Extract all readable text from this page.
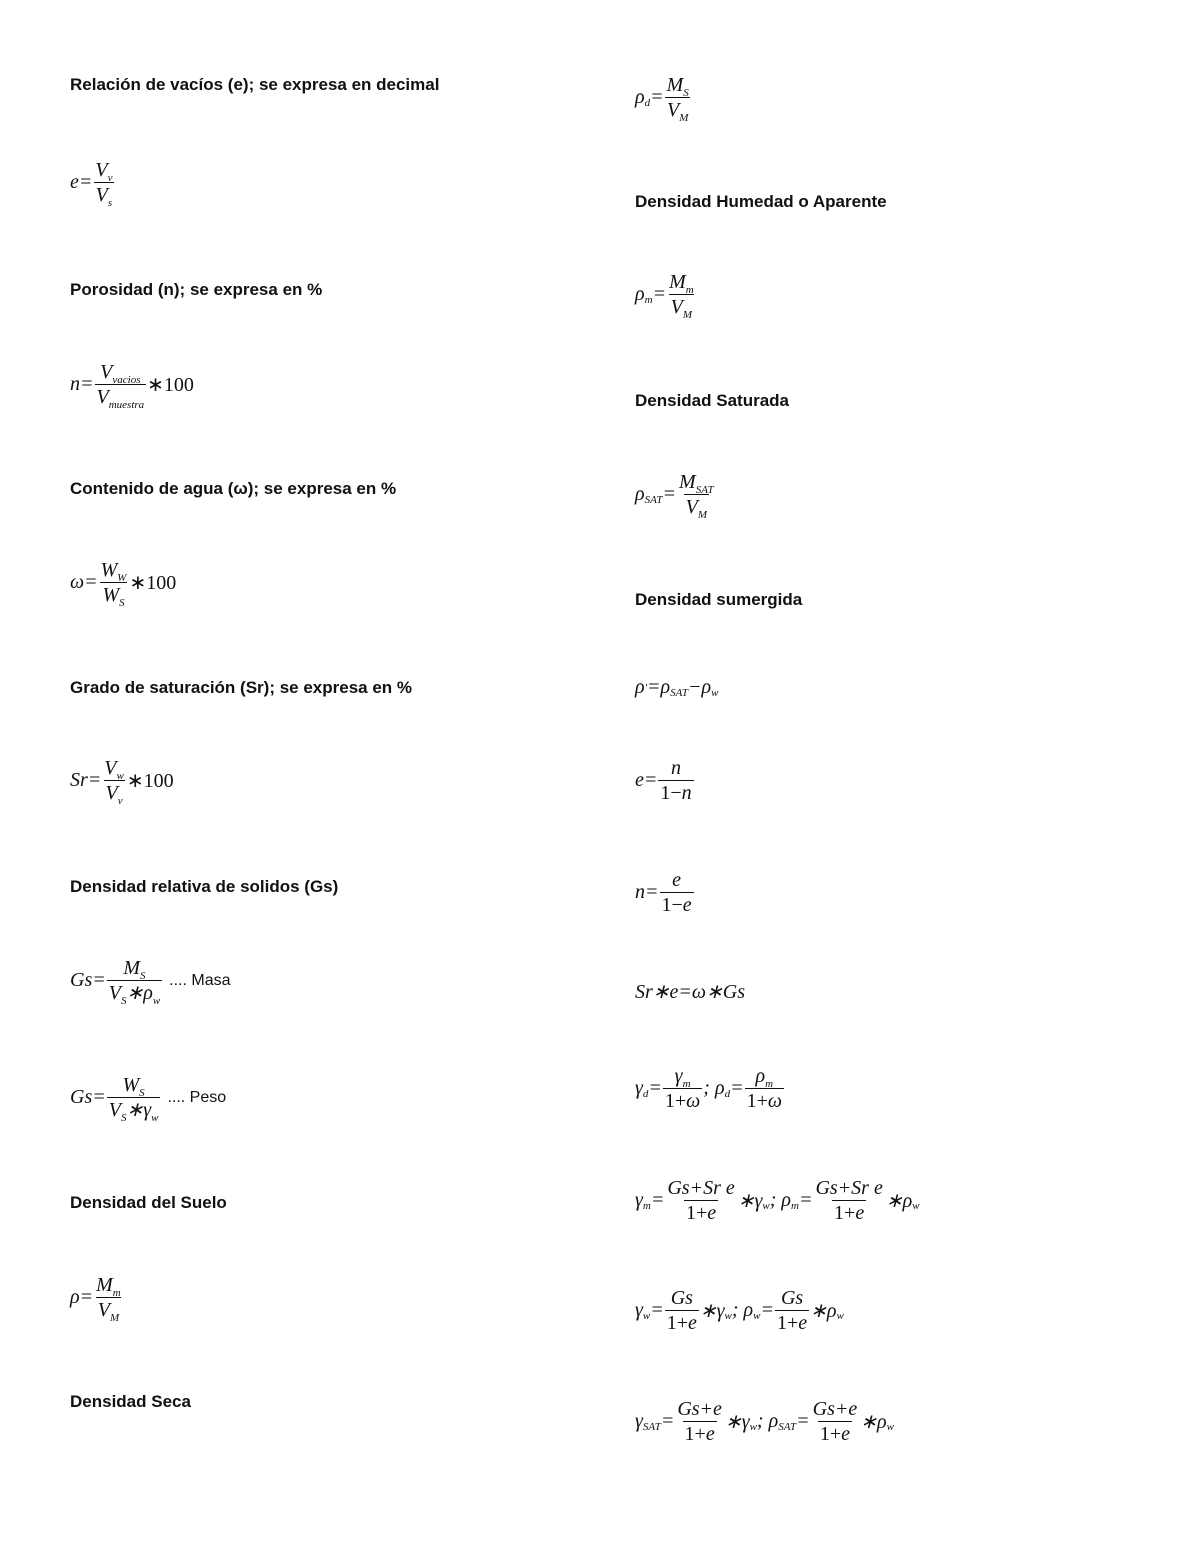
Relación de vacíos (e); se expresa en decimal
e=
$V_v$
$V_s$
Porosidad (n); se expresa en %
n=
$V_{vacios}$
$V_{muestra}$
∗100
Contenido de agua (ω); se expresa en %
ω=
$W_W$
$W_S$
∗100
Grado de saturación (Sr); se expresa en %
Sr=
$V_w$
$V_v$
∗100
Densidad relativa de solidos (Gs)
Gs=
$M_S$
$V_S∗\rho_w$
.... Masa
Gs=
$W_S$
$V_S∗\gamma_w$
.... Peso
Densidad del Suelo
ρ=
$M_m$
$V_M$
Densidad Seca
ρ d =
$M_S$
$V_M$
Densidad Humedad o Aparente
ρ m =
$M_m$
$V_M$
Densidad Saturada
ρ SAT =
$M_{SAT}$
$V_M$
Densidad sumergida
ρ ' =ρ SAT −ρ w
e=
n
1−n
n=
e
1−e
Sr∗e=ω∗Gs
γ d =
$\gamma_m$
1+ω
; ρ d =
$\rho_m$
1+ω
γ m =
Gs+Sr e
1+e
∗γ w ; ρ m =
Gs+Sr e
1+e
∗ρ w
γ w =
Gs
1+e
∗γ w ; ρ w =
Gs
1+e
∗ρ w
γ SAT =
Gs+e
1+e
∗γ w ; ρ SAT =
Gs+e
1+e
∗ρ w
